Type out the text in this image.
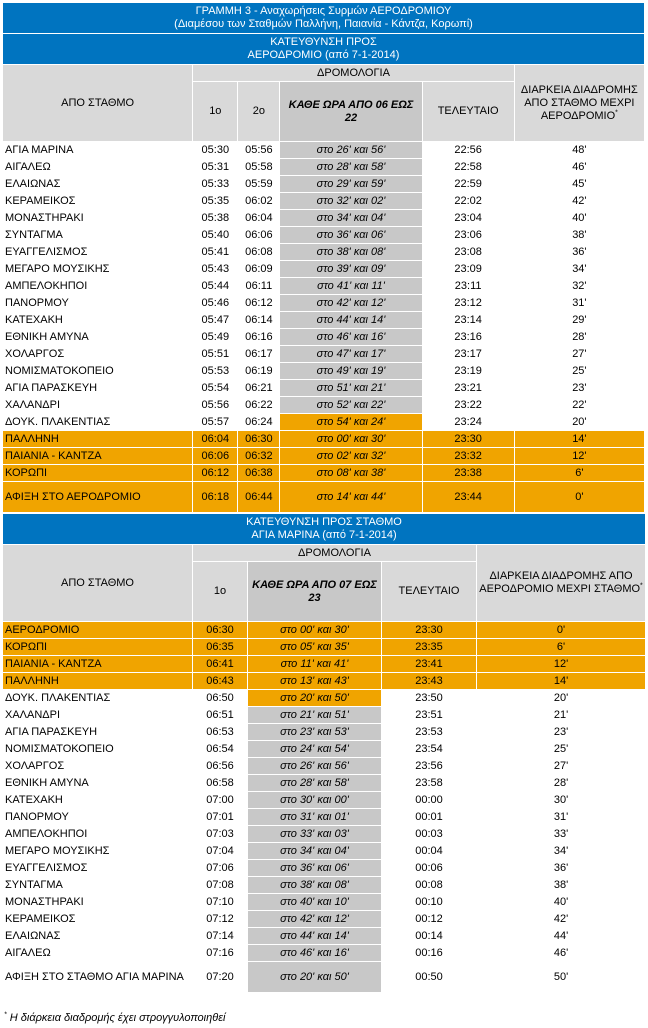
ΓΡΑΜΜΗ 3 - Αναχωρήσεις Συρμών ΑΕΡΟΔΡΟΜΙΟΥ
(Διαμέσου των Σταθμών Παλλήνη, Παιανία - Κάντζα, Κορωπί)					
ΚΑΤΕΥΘΥΝΣΗ ΠΡΟΣ
ΑΕΡΟΔΡΟΜΙΟ (από 7-1-2014)					
ΑΠΟ ΣΤΑΘΜΟ	ΔΡΟΜΟΛΟΓΙΑ				ΔΙΑΡΚΕΙΑ ΔΙΑΔΡΟΜΗΣ ΑΠΟ ΣΤΑΘΜΟ ΜΕΧΡΙ ΑΕΡΟΔΡΟΜΙΟ*
	1ο	2ο	ΚΑΘΕ ΩΡΑ ΑΠΟ 06 ΕΩΣ 22	ΤΕΛΕΥΤΑΙΟ	
ΑΓΙΑ ΜΑΡΙΝΑ	05:30	05:56	στο 26' και 56'	22:56	48'
ΑΙΓΑΛΕΩ	05:31	05:58	στο 28' και 58'	22:58	46'
ΕΛΑΙΩΝΑΣ	05:33	05:59	στο 29' και 59'	22:59	45'
ΚΕΡΑΜΕΙΚΟΣ	05:35	06:02	στο 32' και 02'	22:02	42'
ΜΟΝΑΣΤΗΡΑΚΙ	05:38	06:04	στο 34' και 04'	23:04	40'
ΣΥΝΤΑΓΜΑ	05:40	06:06	στο 36' και 06'	23:06	38'
ΕΥΑΓΓΕΛΙΣΜΟΣ	05:41	06:08	στο 38' και 08'	23:08	36'
ΜΕΓΑΡΟ ΜΟΥΣΙΚΗΣ	05:43	06:09	στο 39' και 09'	23:09	34'
ΑΜΠΕΛΟΚΗΠΟΙ	05:44	06:11	στο 41' και 11'	23:11	32'
ΠΑΝΟΡΜΟΥ	05:46	06:12	στο 42' και 12'	23:12	31'
ΚΑΤΕΧΑΚΗ	05:47	06:14	στο 44' και 14'	23:14	29'
ΕΘΝΙΚΗ ΑΜΥΝΑ	05:49	06:16	στο 46' και 16'	23:16	28'
ΧΟΛΑΡΓΟΣ	05:51	06:17	στο 47' και 17'	23:17	27'
ΝΟΜΙΣΜΑΤΟΚΟΠΕΙΟ	05:53	06:19	στο 49' και 19'	23:19	25'
ΑΓΙΑ ΠΑΡΑΣΚΕΥΗ	05:54	06:21	στο 51' και 21'	23:21	23'
ΧΑΛΑΝΔΡΙ	05:56	06:22	στο 52' και 22'	23:22	22'
ΔΟΥΚ. ΠΛΑΚΕΝΤΙΑΣ	05:57	06:24	στο 54' και 24'	23:24	20'
ΠΑΛΛΗΝΗ	06:04	06:30	στο 00' και 30'	23:30	14'
ΠΑΙΑΝΙΑ - ΚΑΝΤΖΑ	06:06	06:32	στο 02' και 32'	23:32	12'
ΚΟΡΩΠΙ	06:12	06:38	στο 08' και 38'	23:38	6'
ΑΦΙΞΗ ΣΤΟ ΑΕΡΟΔΡΟΜΙΟ	06:18	06:44	στο 14' και 44'	23:44	0'
ΚΑΤΕΥΘΥΝΣΗ ΠΡΟΣ ΣΤΑΘΜΟ
ΑΓΙΑ ΜΑΡΙΝΑ (από 7-1-2014)				
ΑΠΟ ΣΤΑΘΜΟ	ΔΡΟΜΟΛΟΓΙΑ			ΔΙΑΡΚΕΙΑ ΔΙΑΔΡΟΜΗΣ ΑΠΟ ΑΕΡΟΔΡΟΜΙΟ ΜΕΧΡΙ ΣΤΑΘΜΟ*
	1ο	ΚΑΘΕ ΩΡΑ ΑΠΟ 07 ΕΩΣ 23	ΤΕΛΕΥΤΑΙΟ	
ΑΕΡΟΔΡΟΜΙΟ	06:30	στο 00' και 30'	23:30	0'
ΚΟΡΩΠΙ	06:35	στο 05' και 35'	23:35	6'
ΠΑΙΑΝΙΑ - ΚΑΝΤΖΑ	06:41	στο 11' και 41'	23:41	12'
ΠΑΛΛΗΝΗ	06:43	στο 13' και 43'	23:43	14'
ΔΟΥΚ. ΠΛΑΚΕΝΤΙΑΣ	06:50	στο 20' και 50'	23:50	20'
ΧΑΛΑΝΔΡΙ	06:51	στο 21' και 51'	23:51	21'
ΑΓΙΑ ΠΑΡΑΣΚΕΥΗ	06:53	στο 23' και 53'	23:53	23'
ΝΟΜΙΣΜΑΤΟΚΟΠΕΙΟ	06:54	στο 24' και 54'	23:54	25'
ΧΟΛΑΡΓΟΣ	06:56	στο 26' και 56'	23:56	27'
ΕΘΝΙΚΗ ΑΜΥΝΑ	06:58	στο 28' και 58'	23:58	28'
ΚΑΤΕΧΑΚΗ	07:00	στο 30' και 00'	00:00	30'
ΠΑΝΟΡΜΟΥ	07:01	στο 31' και 01'	00:01	31'
ΑΜΠΕΛΟΚΗΠΟΙ	07:03	στο 33' και 03'	00:03	33'
ΜΕΓΑΡΟ ΜΟΥΣΙΚΗΣ	07:04	στο 34' και 04'	00:04	34'
ΕΥΑΓΓΕΛΙΣΜΟΣ	07:06	στο 36' και 06'	00:06	36'
ΣΥΝΤΑΓΜΑ	07:08	στο 38' και 08'	00:08	38'
ΜΟΝΑΣΤΗΡΑΚΙ	07:10	στο 40' και 10'	00:10	40'
ΚΕΡΑΜΕΙΚΟΣ	07:12	στο 42' και 12'	00:12	42'
ΕΛΑΙΩΝΑΣ	07:14	στο 44' και 14'	00:14	44'
ΑΙΓΑΛΕΩ	07:16	στο 46' και 16'	00:16	46'
ΑΦΙΞΗ ΣΤΟ ΣΤΑΘΜΟ ΑΓΙΑ ΜΑΡΙΝΑ	07:20	στο 20' και 50'	00:50	50'
* Η διάρκεια διαδρομής έχει στρογγυλοποιηθεί
